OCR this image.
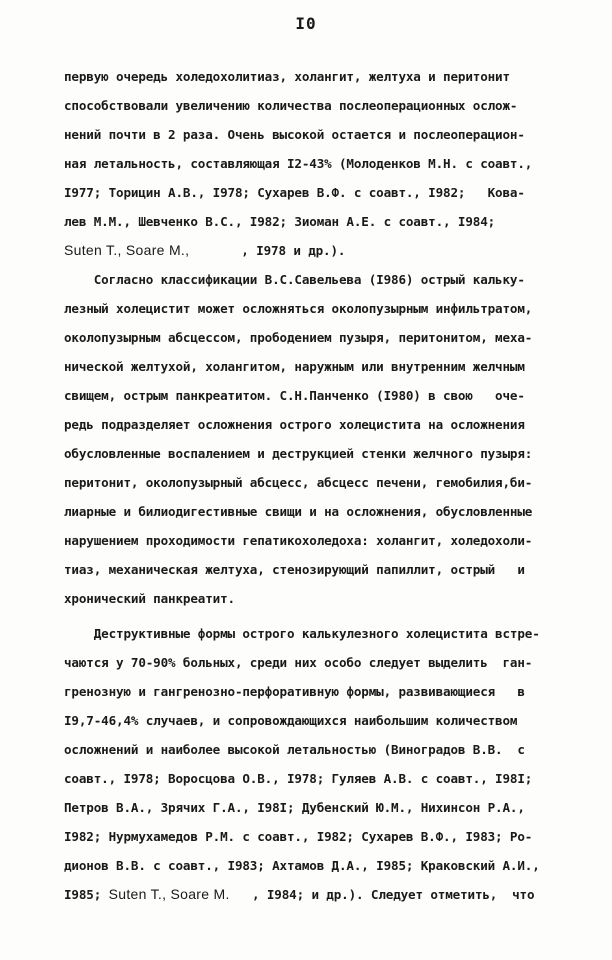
I0
первую очередь холедохолитиаз, холангит, желтуха и перитонит
способствовали увеличению количества послеоперационных ослож-
нений почти в 2 раза. Очень высокой остается и послеоперацион-
ная летальность, составляющая I2-43% (Молоденков М.Н. с соавт.,
I977; Торицин А.В., I978; Сухарев В.Ф. с соавт., I982;   Кова-
лев М.М., Шевченко В.С., I982; Зиоман А.Е. с соавт., I984;
Suten T., Soare M.,       , I978 и др.).
Согласно классификации В.С.Савельева (I986) острый кальку-
лезный холецистит может осложняться околопузырным инфильтратом,
околопузырным абсцессом, прободением пузыря, перитонитом, меха-
нической желтухой, холангитом, наружным или внутренним желчным
свищем, острым панкреатитом. С.Н.Панченко (I980) в свою   оче-
редь подразделяет осложнения острого холецистита на осложнения
обусловленные воспалением и деструкцией стенки желчного пузыря:
перитонит, околопузырный абсцесс, абсцесс печени, гемобилия,би-
лиарные и билиодигестивные свищи и на осложнения, обусловленные
нарушением проходимости гепатикохоледоха: холангит, холедохоли-
тиаз, механическая желтуха, стенозирующий папиллит, острый   и
хронический панкреатит.
Деструктивные формы острого калькулезного холецистита встре-
чаются у 70-90% больных, среди них особо следует выделить  ган-
гренозную и гангренозно-перфоративную формы, развивающиеся   в
I9,7-46,4% случаев, и сопровождающихся наибольшим количеством
осложнений и наиболее высокой летальностью (Виноградов В.В.  с
соавт., I978; Воросцова О.В., I978; Гуляев А.В. с соавт., I98I;
Петров В.А., Зрячих Г.А., I98I; Дубенский Ю.М., Нихинсон Р.А.,
I982; Нурмухамедов Р.М. с соавт., I982; Сухарев В.Ф., I983; Ро-
дионов В.В. с соавт., I983; Ахтамов Д.А., I985; Краковский А.И.,
I985; Suten T., Soare M.   , I984; и др.). Следует отметить,  что
